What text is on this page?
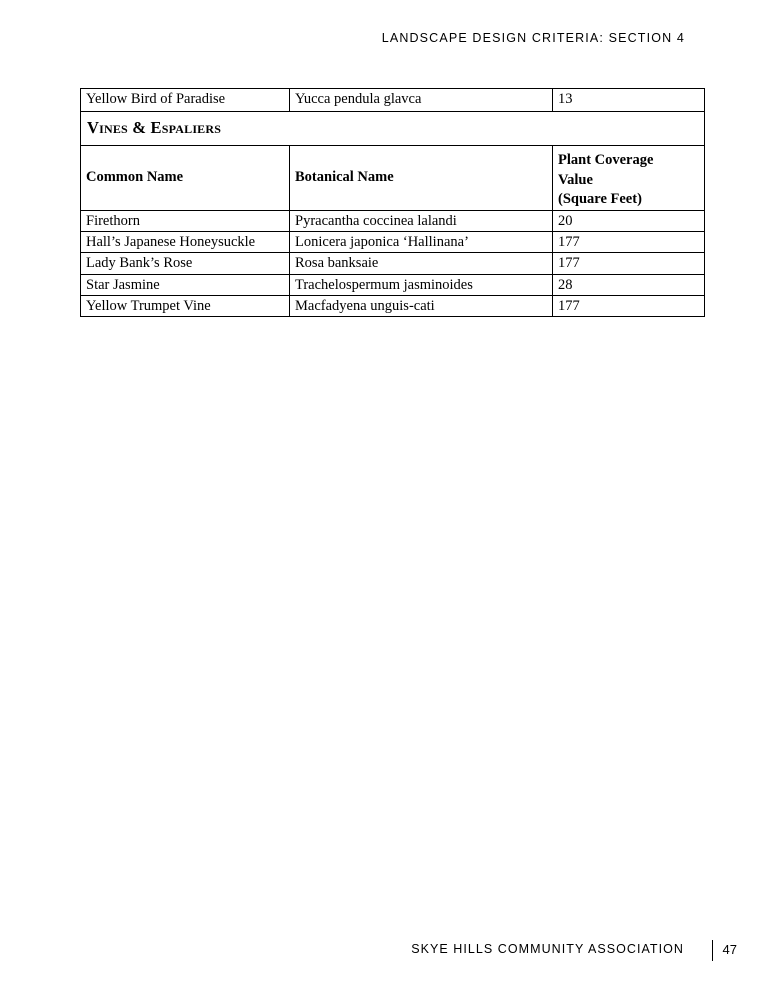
LANDSCAPE DESIGN CRITERIA: SECTION 4
Yellow Bird of Paradise	Yucca pendula glavca	13
Vines & Espaliers		
Common Name	Botanical Name	Plant Coverage
Value
(Square Feet)

Firethorn	Pyracantha coccinea lalandi	20
Hall’s Japanese Honeysuckle	Lonicera japonica ‘Hallinana’	177
Lady Bank’s Rose	Rosa banksaie	177
Star Jasmine	Trachelospermum jasminoides	28
Yellow Trumpet Vine	Macfadyena unguis-cati	177
SKYE HILLS COMMUNITY ASSOCIATION	47
